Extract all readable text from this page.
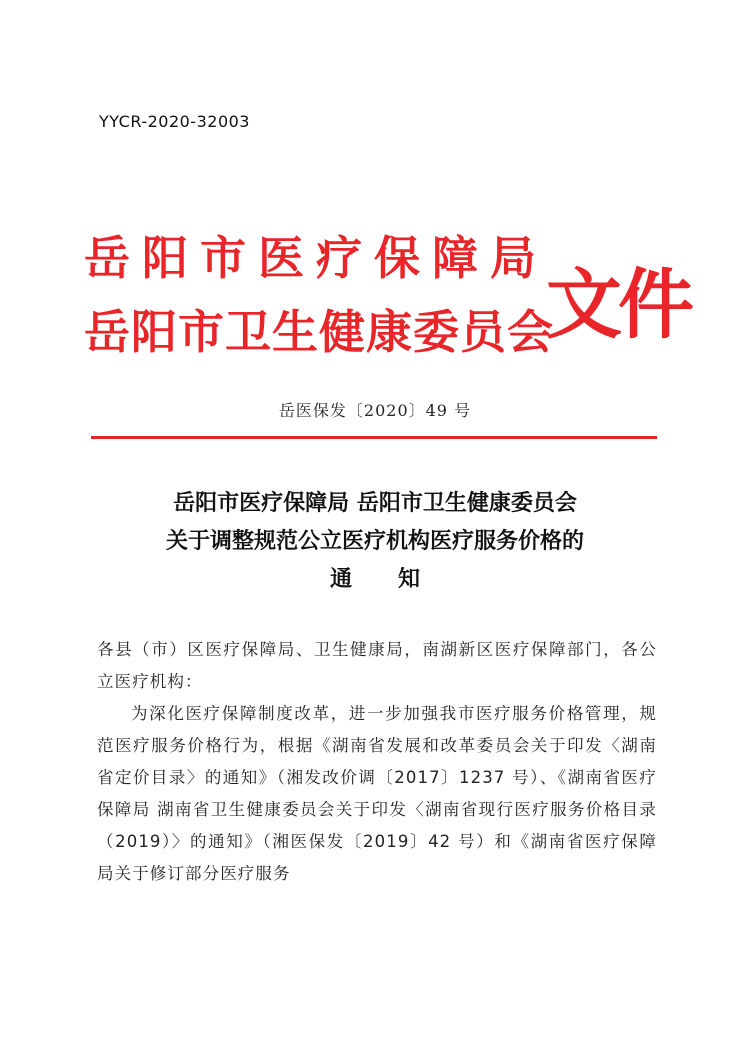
YYCR-2020-32003
岳阳市医疗保障局
岳阳市卫生健康委员会
文件
岳医保发〔2020〕49 号
岳阳市医疗保障局 岳阳市卫生健康委员会
关于调整规范公立医疗机构医疗服务价格的
通知

各县（市）区医疗保障局、卫生健康局，南湖新区医疗保障部门，各公立医疗机构：

为深化医疗保障制度改革，进一步加强我市医疗服务价格管理，规范医疗服务价格行为，根据《湖南省发展和改革委员会关于印发〈湖南省定价目录〉的通知》（湘发改价调〔2017〕1237 号）、《湖南省医疗保障局 湖南省卫生健康委员会关于印发〈湖南省现行医疗服务价格目录（2019）〉的通知》（湘医保发〔2019〕42 号）和《湖南省医疗保障局关于修订部分医疗服务
